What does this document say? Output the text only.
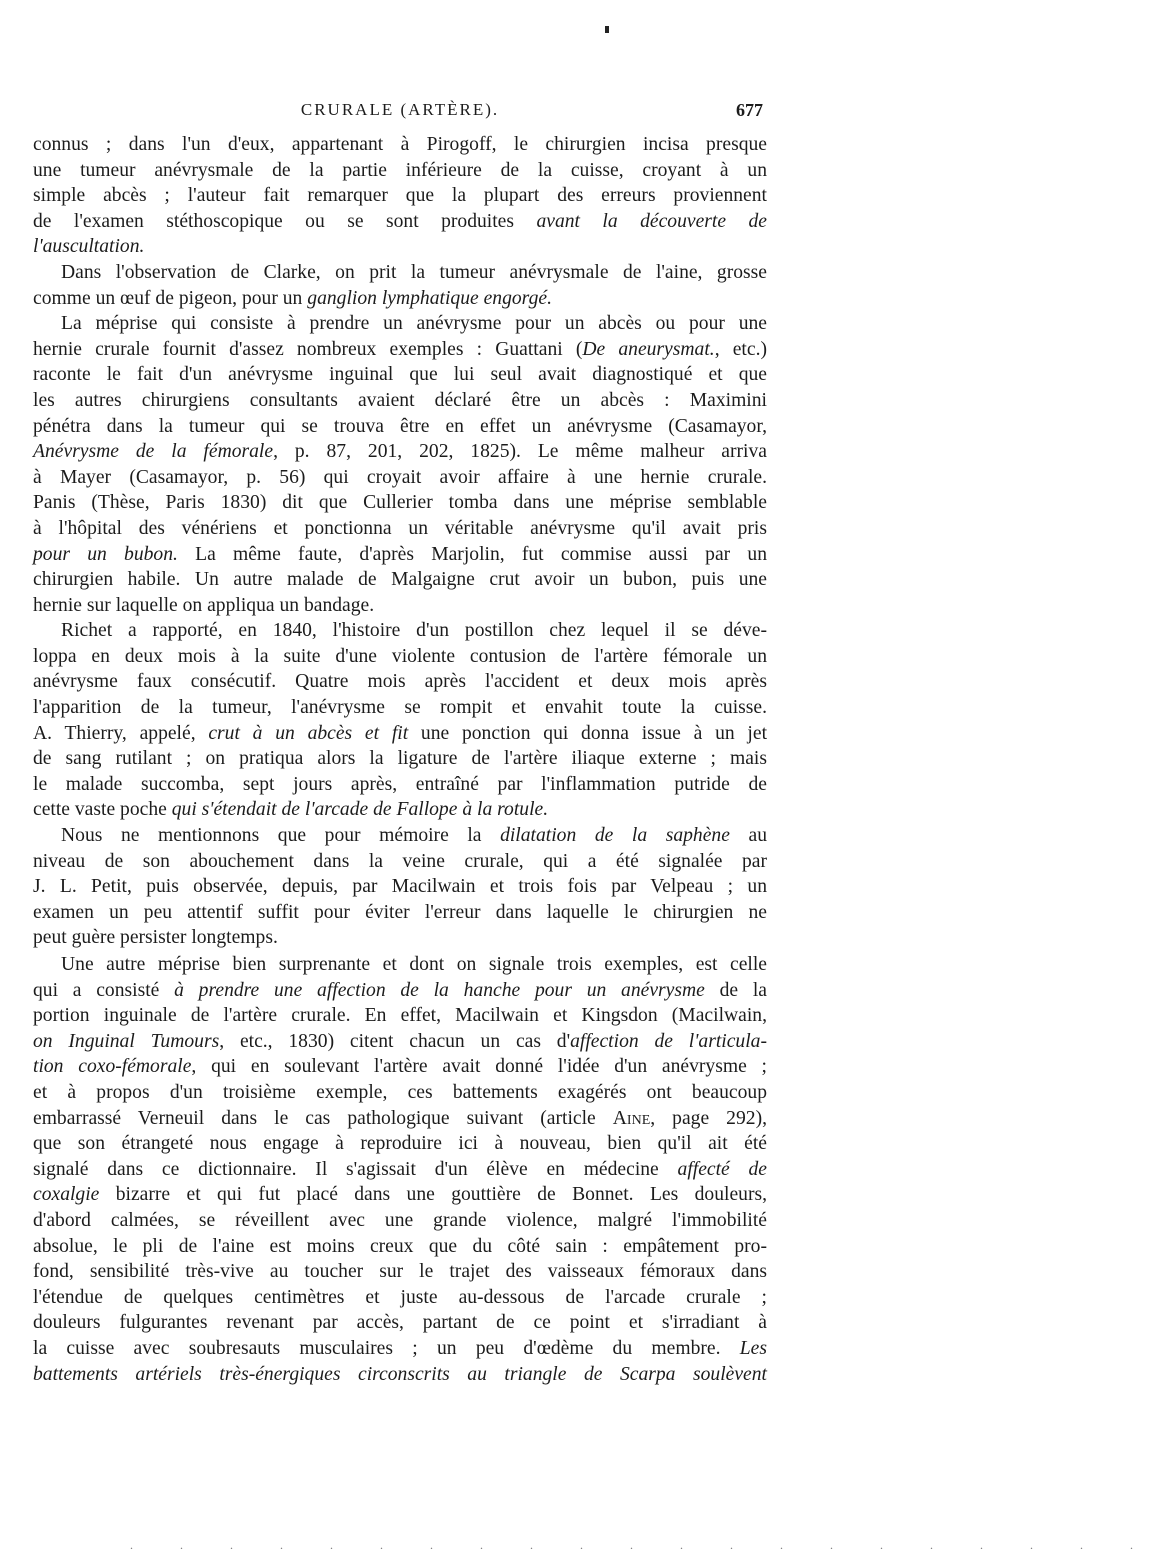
CRURALE (ARTÈRE).	677
connus ; dans l'un d'eux, appartenant à Pirogoff, le chirurgien incisa presque
une tumeur anévrysmale de la partie inférieure de la cuisse, croyant à un
simple abcès ; l'auteur fait remarquer que la plupart des erreurs proviennent
de l'examen stéthoscopique ou se sont produites avant la découverte de
l'auscultation.
Dans l'observation de Clarke, on prit la tumeur anévrysmale de l'aine, grosse
comme un œuf de pigeon, pour un ganglion lymphatique engorgé.
La méprise qui consiste à prendre un anévrysme pour un abcès ou pour une
hernie crurale fournit d'assez nombreux exemples : Guattani (De aneurysmat., etc.)
raconte le fait d'un anévrysme inguinal que lui seul avait diagnostiqué et que
les autres chirurgiens consultants avaient déclaré être un abcès : Maximini
pénétra dans la tumeur qui se trouva être en effet un anévrysme (Casamayor,
Anévrysme de la fémorale, p. 87, 201, 202, 1825). Le même malheur arriva
à Mayer (Casamayor, p. 56) qui croyait avoir affaire à une hernie crurale.
Panis (Thèse, Paris 1830) dit que Cullerier tomba dans une méprise semblable
à l'hôpital des vénériens et ponctionna un véritable anévrysme qu'il avait pris
pour un bubon. La même faute, d'après Marjolin, fut commise aussi par un
chirurgien habile. Un autre malade de Malgaigne crut avoir un bubon, puis une
hernie sur laquelle on appliqua un bandage.
Richet a rapporté, en 1840, l'histoire d'un postillon chez lequel il se déve-
loppa en deux mois à la suite d'une violente contusion de l'artère fémorale un
anévrysme faux consécutif. Quatre mois après l'accident et deux mois après
l'apparition de la tumeur, l'anévrysme se rompit et envahit toute la cuisse.
A. Thierry, appelé, crut à un abcès et fit une ponction qui donna issue à un jet
de sang rutilant ; on pratiqua alors la ligature de l'artère iliaque externe ; mais
le malade succomba, sept jours après, entraîné par l'inflammation putride de
cette vaste poche qui s'étendait de l'arcade de Fallope à la rotule.
Nous ne mentionnons que pour mémoire la dilatation de la saphène au
niveau de son abouchement dans la veine crurale, qui a été signalée par
J. L. Petit, puis observée, depuis, par Macilwain et trois fois par Velpeau ; un
examen un peu attentif suffit pour éviter l'erreur dans laquelle le chirurgien ne
peut guère persister longtemps.
Une autre méprise bien surprenante et dont on signale trois exemples, est celle
qui a consisté à prendre une affection de la hanche pour un anévrysme de la
portion inguinale de l'artère crurale. En effet, Macilwain et Kingsdon (Macilwain,
on Inguinal Tumours, etc., 1830) citent chacun un cas d'affection de l'articula-
tion coxo-fémorale, qui en soulevant l'artère avait donné l'idée d'un anévrysme ;
et à propos d'un troisième exemple, ces battements exagérés ont beaucoup
embarrassé Verneuil dans le cas pathologique suivant (article Aine, page 292),
que son étrangeté nous engage à reproduire ici à nouveau, bien qu'il ait été
signalé dans ce dictionnaire. Il s'agissait d'un élève en médecine affecté de
coxalgie bizarre et qui fut placé dans une gouttière de Bonnet. Les douleurs,
d'abord calmées, se réveillent avec une grande violence, malgré l'immobilité
absolue, le pli de l'aine est moins creux que du côté sain : empâtement pro-
fond, sensibilité très-vive au toucher sur le trajet des vaisseaux fémoraux dans
l'étendue de quelques centimètres et juste au-dessous de l'arcade crurale ;
douleurs fulgurantes revenant par accès, partant de ce point et s'irradiant à
la cuisse avec soubresauts musculaires ; un peu d'œdème du membre. Les
battements artériels très-énergiques circonscrits au triangle de Scarpa soulèvent
. . . . . . . . . . . . . . . . . . . . .
